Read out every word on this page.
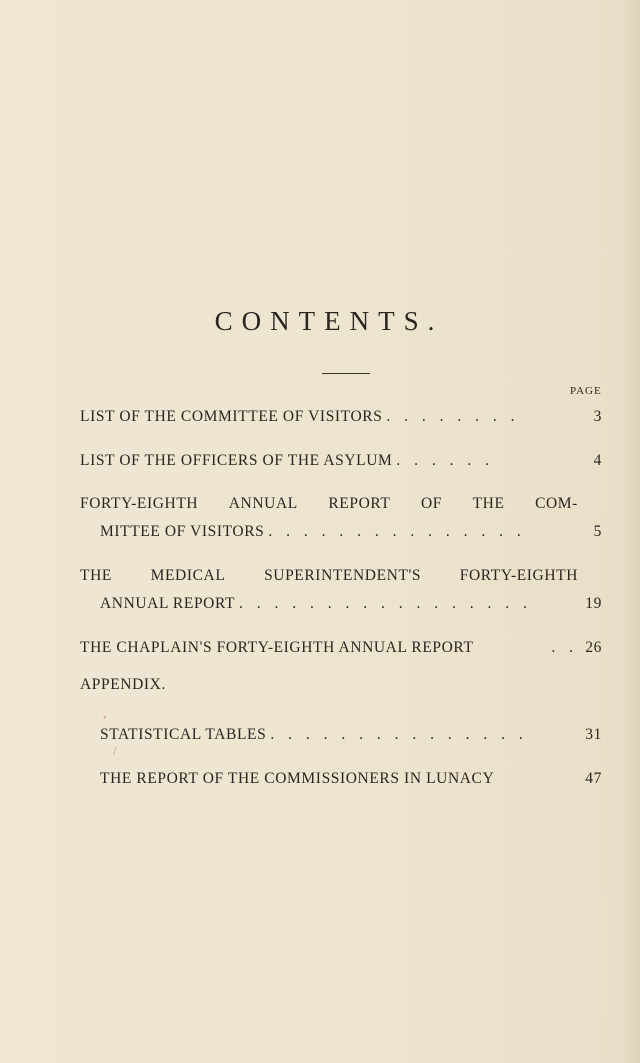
CONTENTS.
PAGE
LIST OF THE COMMITTEE OF VISITORS . . . . . . . .	3
LIST OF THE OFFICERS OF THE ASYLUM . . . . . .	4
FORTY-EIGHTH ANNUAL REPORT OF THE COM-
MITTEE OF VISITORS . . . . . . . . . . . . . . .	5
THE MEDICAL SUPERINTENDENT'S FORTY-EIGHTH
ANNUAL REPORT . . . . . . . . . . . . . . . . .	19
THE CHAPLAIN'S FORTY-EIGHTH ANNUAL REPORT	. . 26
APPENDIX.
•
STATISTICAL TABLES . . . . . . . . . . . . . . .	31
/
THE REPORT OF THE COMMISSIONERS IN LUNACY	47
